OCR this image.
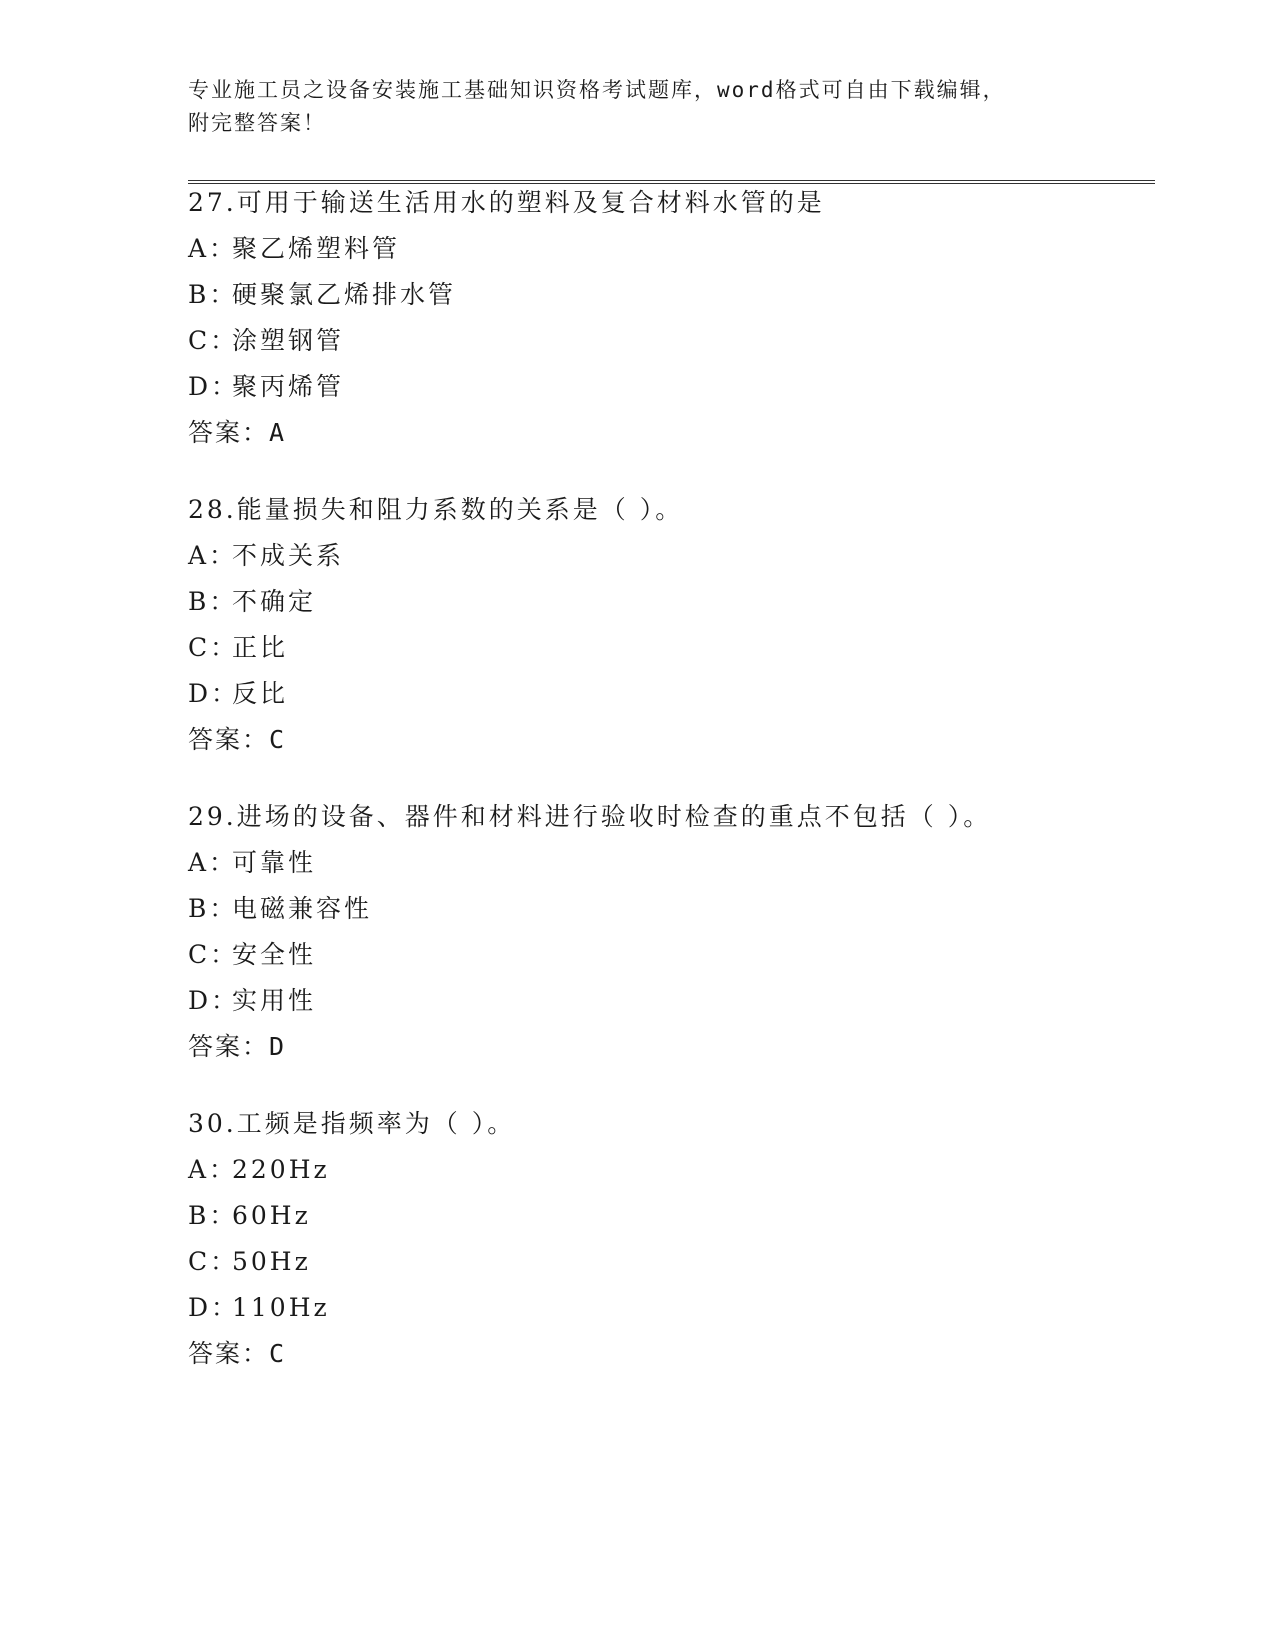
专业施工员之设备安装施工基础知识资格考试题库，word格式可自由下载编辑，
附完整答案！
27.可用于输送生活用水的塑料及复合材料水管的是
A：聚乙烯塑料管
B：硬聚氯乙烯排水管
C：涂塑钢管
D：聚丙烯管
答案：A
28.能量损失和阻力系数的关系是（ ）。
A：不成关系
B：不确定
C：正比
D：反比
答案：C
29.进场的设备、器件和材料进行验收时检查的重点不包括（ ）。
A：可靠性
B：电磁兼容性
C：安全性
D：实用性
答案：D
30.工频是指频率为（ ）。
A：220Hz
B：60Hz
C：50Hz
D：110Hz
答案：C
